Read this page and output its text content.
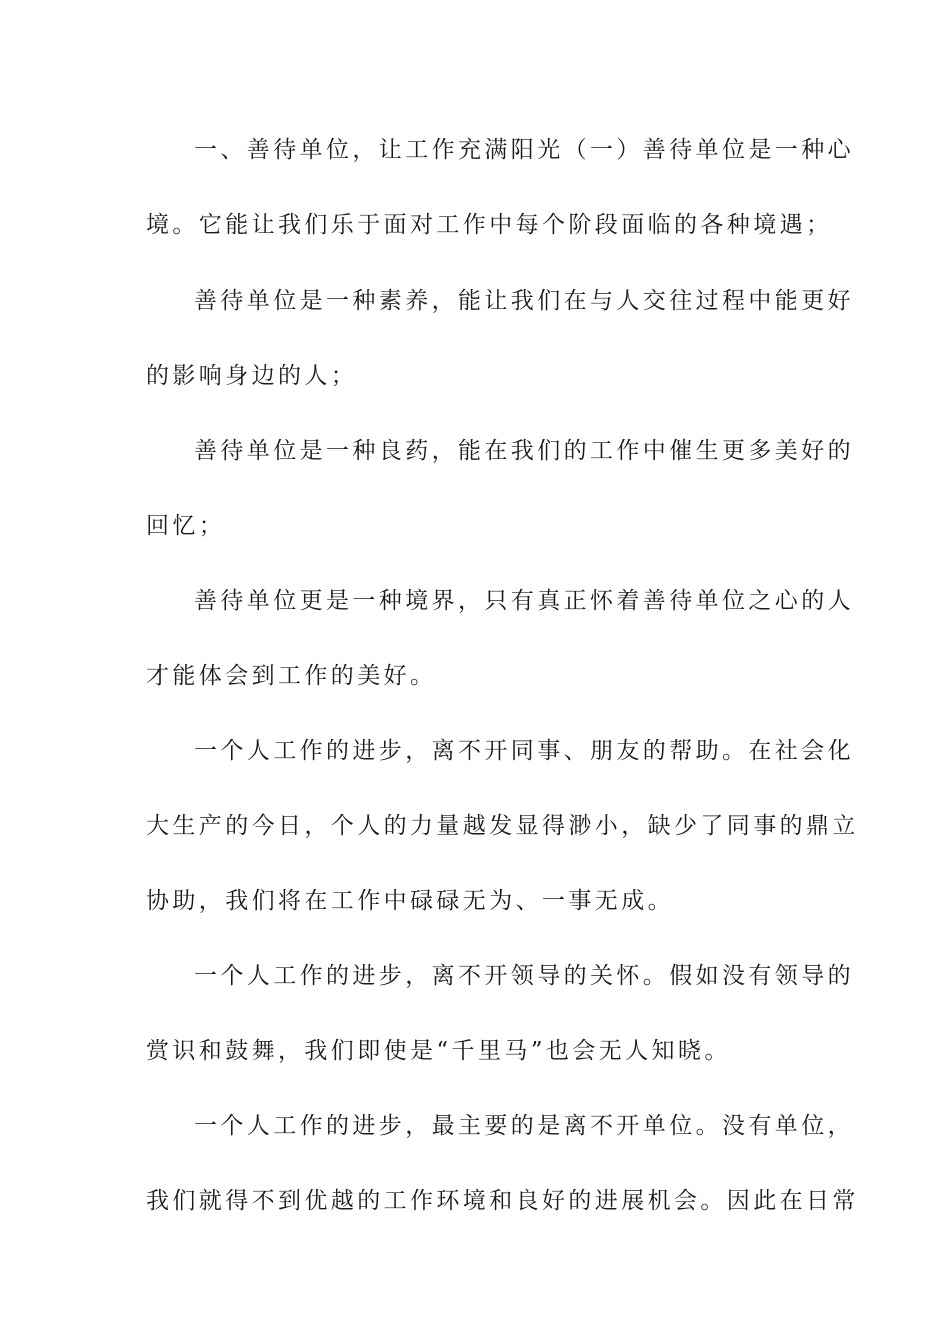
一、善待单位，让工作充满阳光（一）善待单位是一种心

境。它能让我们乐于面对工作中每个阶段面临的各种境遇；

善待单位是一种素养，能让我们在与人交往过程中能更好

的影响身边的人；

善待单位是一种良药，能在我们的工作中催生更多美好的

回忆；

善待单位更是一种境界，只有真正怀着善待单位之心的人

才能体会到工作的美好。

一个人工作的进步，离不开同事、朋友的帮助。在社会化

大生产的今日，个人的力量越发显得渺小，缺少了同事的鼎立

协助，我们将在工作中碌碌无为、一事无成。

一个人工作的进步，离不开领导的关怀。假如没有领导的

赏识和鼓舞，我们即使是“千里马”也会无人知晓。

一个人工作的进步，最主要的是离不开单位。没有单位，

我们就得不到优越的工作环境和良好的进展机会。因此在日常
